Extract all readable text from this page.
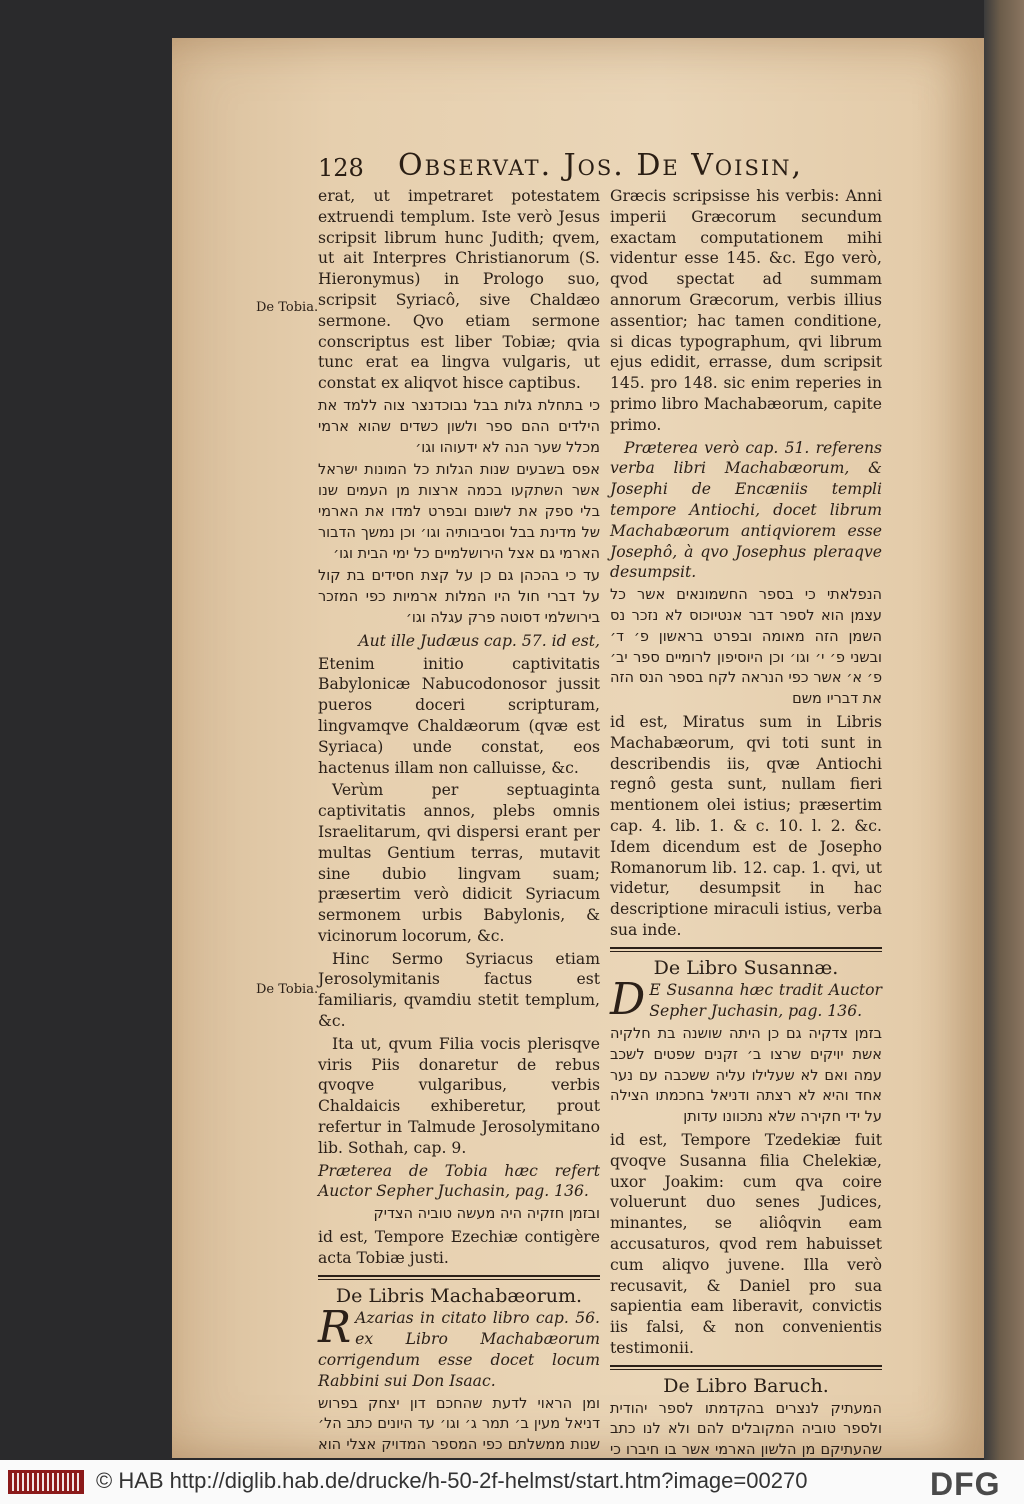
128 Observat. Jos. De Voisin,
De Tobia.
De Tobia.

erat, ut impetraret potestatem extruendi templum. Iste verò Jesus scripsit librum hunc Judith; qvem, ut ait Interpres Christianorum (S. Hieronymus) in Prologo suo, scripsit Syriacô, sive Chaldæo sermone. Qvo etiam sermone conscriptus est liber Tobiæ; qvia tunc erat ea lingva vulgaris, ut constat ex aliqvot hisce captibus.

כי בתחלת גלות בבל נבוכדנצר צוה ללמד את הילדים ההם ספר ולשון כשדים שהוא ארמי מכלל שער הנה לא ידעוהו וגו׳

אפס בשבעים שנות הגלות כל המונות ישראל אשר השתקעו בכמה ארצות מן העמים שנו בלי ספק את לשונם ובפרט למדו את הארמי של מדינת בבל וסביבותיה וגו׳ וכן נמשך הדבור הארמי גם אצל הירושלמיים כל ימי הבית וגו׳

עד כי בהכהן גם כן על קצת חסידים בת קול על דברי חול היו המלות ארמיות כפי המזכר בירושלמי דסוטה פרק עגלה וגו׳

Aut ille Judæus cap. 57. id est,

Etenim initio captivitatis Babylonicæ Nabucodonosor jussit pueros doceri scripturam, lingvamqve Chaldæorum (qvæ est Syriaca) unde constat, eos hactenus illam non calluisse, &c.

Verùm per septuaginta captivitatis annos, plebs omnis Israelitarum, qvi dispersi erant per multas Gentium terras, mutavit sine dubio lingvam suam; præsertim verò didicit Syriacum sermonem urbis Babylonis, & vicinorum locorum, &c.

Hinc Sermo Syriacus etiam Jerosolymitanis factus est familiaris, qvamdiu stetit templum, &c.

Ita ut, qvum Filia vocis plerisqve viris Piis donaretur de rebus qvoqve vulgaribus, verbis Chaldaicis exhiberetur, prout refertur in Talmude Jerosolymitano lib. Sothah, cap. 9.

Præterea de Tobia hæc refert Auctor Sepher Juchasin, pag. 136.

ובזמן חזקיה היה מעשה טוביה הצדיק

id est, Tempore Ezechiæ contigère acta Tobiæ justi.

De Libris Machabæorum.

R Azarias in citato libro cap. 56. ex Libro Machabæorum corrigendum esse docet locum Rabbini sui Don Isaac.

ומן הראוי לדעת שהחכם דון יצחק בפרוש דניאל מעין ב׳ תמר ג׳ וגו׳ עד היונים כתב הל׳ שנות ממשלתם כפי המספר המדויק אצלי הוא

Græcis scripsisse his verbis: Anni imperii Græcorum secundum exactam computationem mihi videntur esse 145. &c. Ego verò, qvod spectat ad summam annorum Græcorum, verbis illius assentior; hac tamen conditione, si dicas typographum, qvi librum ejus edidit, errasse, dum scripsit 145. pro 148. sic enim reperies in primo libro Machabæorum, capite primo.

Præterea verò cap. 51. referens verba libri Machabæorum, & Josephi de Encæniis templi tempore Antiochi, docet librum Machabæorum antiqviorem esse Josephô, à qvo Josephus pleraqve desumpsit.

הנפלאתי כי בספר החשמונאים אשר כל עצמן הוא לספר דבר אנטיוכוס לא נזכר נס השמן הזה מאומה ובפרט בראשון פ׳ ד׳ ובשני פ׳ י׳ וגו׳ וכן היוסיפון לרומיים ספר יב׳ פ׳ א׳ אשר כפי הנראה לקח בספר הנס הזה את דבריו משם

id est, Miratus sum in Libris Machabæorum, qvi toti sunt in describendis iis, qvæ Antiochi regnô gesta sunt, nullam fieri mentionem olei istius; præsertim cap. 4. lib. 1. & c. 10. l. 2. &c. Idem dicendum est de Josepho Romanorum lib. 12. cap. 1. qvi, ut videtur, desumpsit in hac descriptione miraculi istius, verba sua inde.

De Libro Susannæ.

D E Susanna hæc tradit Auctor Sepher Juchasin, pag. 136.

בזמן צדקיה גם כן היתה שושנה בת חלקיה אשת יויקים שרצו ב׳ זקנים שפטים לשכב עמה ואם לא שעלילו עליה ששכבה עם נער אחד והיא לא רצתה ודניאל בחכמתו הצילה על ידי חקירה שלא נתכוונו עדותן

id est, Tempore Tzedekiæ fuit qvoqve Susanna filia Chelekiæ, uxor Joakim: cum qva coire voluerunt duo senes Judices, minantes, se aliôqvin eam accusaturos, qvod rem habuisset cum aliqvo juvene. Illa verò recusavit, & Daniel pro sua sapientia eam liberavit, convictis iis falsi, & non convenientis testimonii.

De Libro Baruch.

המעתיק לנצרים בהקדמתו לספר יהודית ולספר טוביה המקובלים להם ולא לנו כתב שהעתיקם מן הלשון הארמי אשר בו חיברו כי

© HAB http://diglib.hab.de/drucke/h-50-2f-helmst/start.htm?image=00270	DFG
